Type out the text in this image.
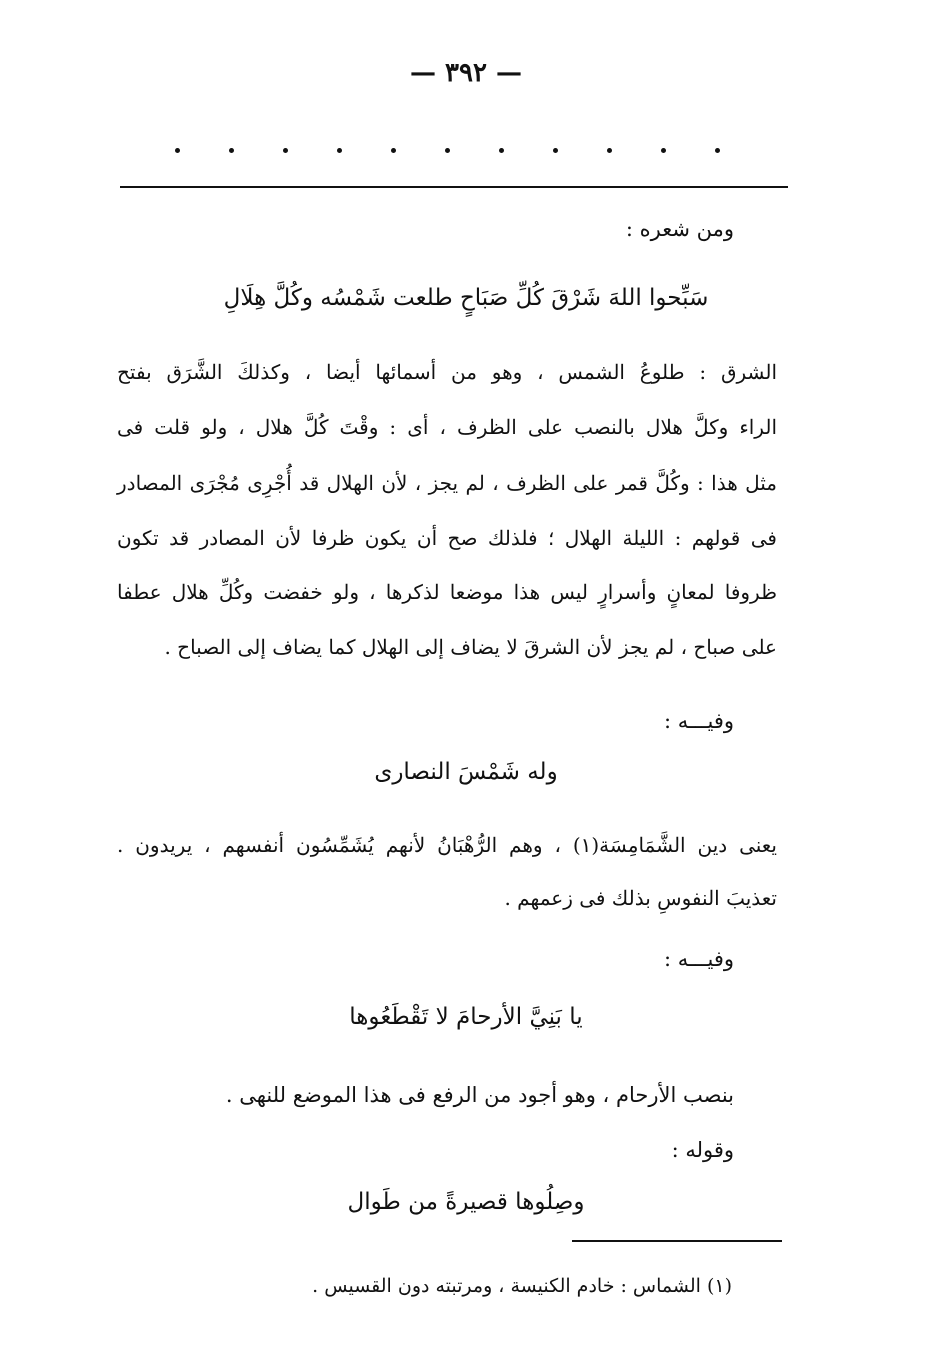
— ٣٩٢ —
ومن شعره :
سَبِّحوا اللهَ شَرْقَ كُلِّ صَبَاحٍ طلعت شَمْسُه وكُلَّ هِلَالِ
الشرق : طلوعُ الشمس ، وهو من أسمائها أيضا ، وكذلكَ الشَّرَق بفتح
الراء وكلَّ هلال بالنصب على الظرف ، أى : وقْتَ كُلَّ هلال ، ولو قلت فى
مثل هذا : وكُلَّ قمر على الظرف ، لم يجز ، لأن الهلال قد أُجْرِى مُجْرَى المصادر
فى قولهم : الليلة الهلال ؛ فلذلك صح أن يكون ظرفا لأن المصادر قد تكون
ظروفا لمعانٍ وأسرارٍ ليس هذا موضعا لذكرها ، ولو خفضت وكُلِّ هلال عطفا
على صباح ، لم يجز لأن الشرقَ لا يضاف إلى الهلال كما يضاف إلى الصباح .
وفيـــه :
وله شَمْسَ النصارى
يعنى دين الشَّمَامِسَة(١) ، وهم الرُّهْبَانُ لأنهم يُشَمِّسُون أنفسهم ، يريدون .
تعذيبَ النفوسِ بذلك فى زعمهم .
وفيـــه :
يا بَنِيَّ الأرحامَ لا تَقْطَعُوها
بنصب الأرحام ، وهو أجود من الرفع فى هذا الموضع للنهى .
وقوله :
وصِلُوها قصيرةً من طَوال
(١) الشماس : خادم الكنيسة ، ومرتبته دون القسيس .
